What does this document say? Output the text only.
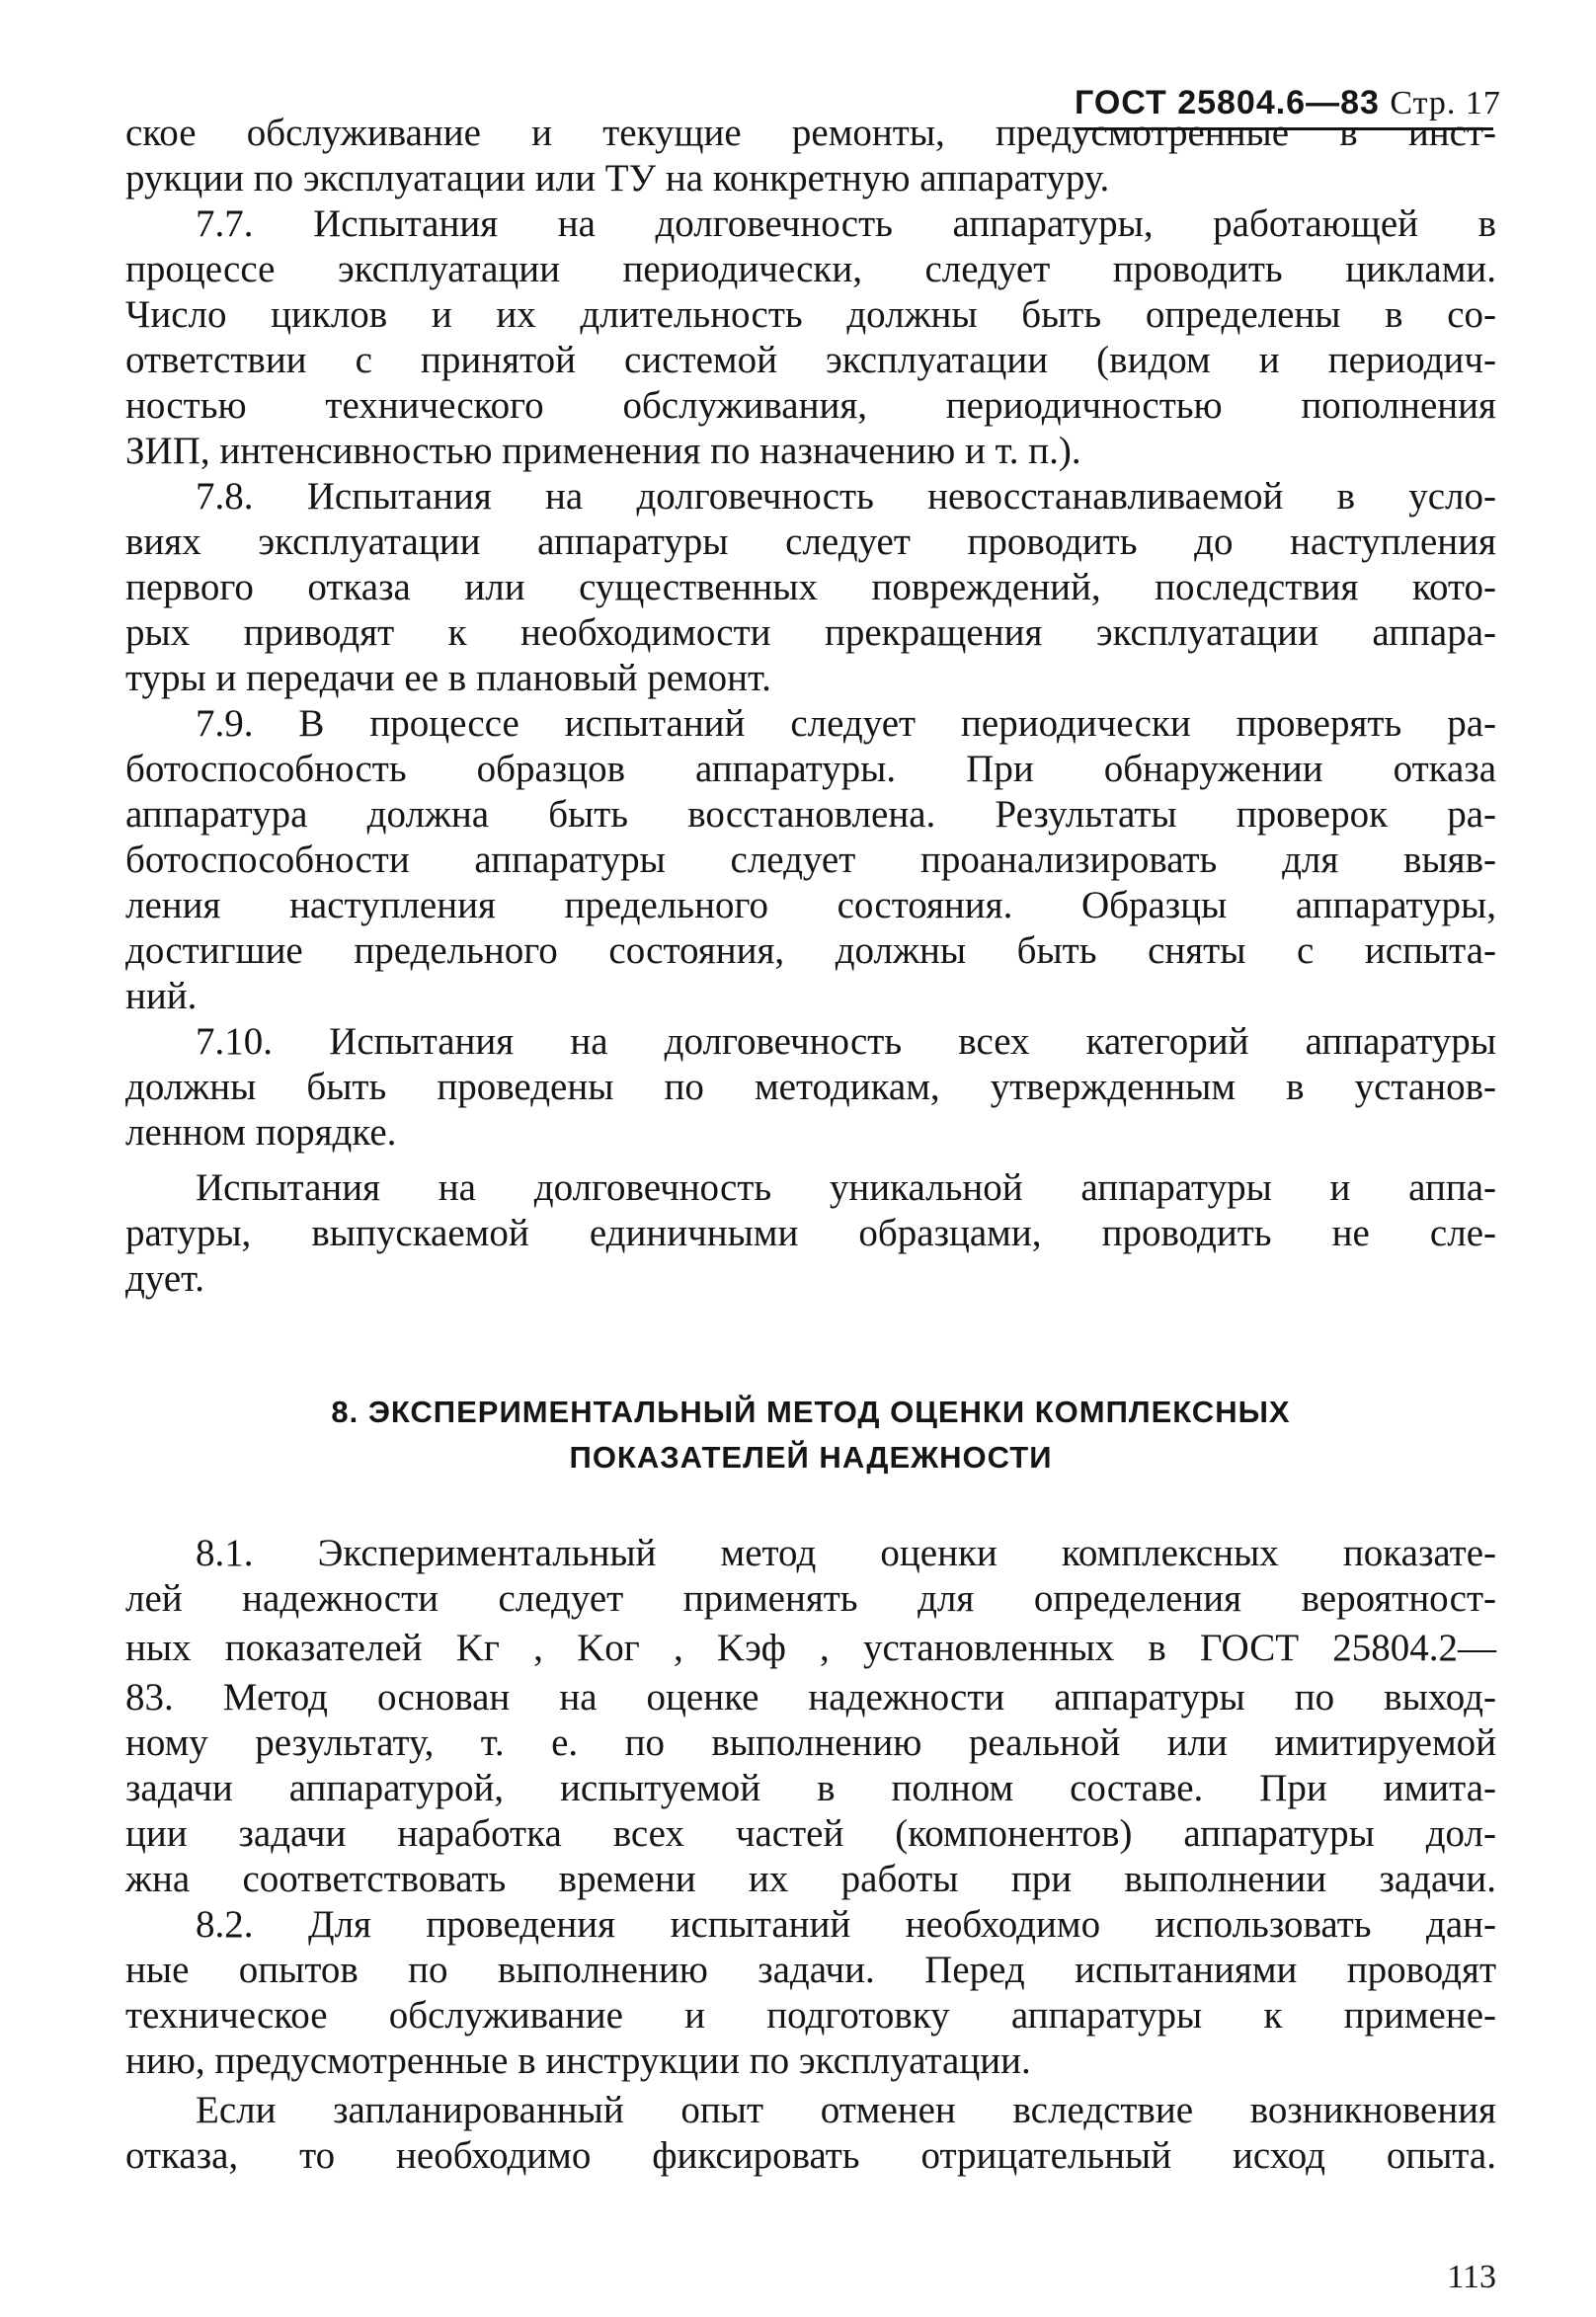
ГОСТ 25804.6—83 Стр. 17
ское обслуживание и текущие ремонты, предусмотренные в инст-
рукции по эксплуатации или ТУ на конкретную аппаратуру.
7.7. Испытания на долговечность аппаратуры, работающей в
процессе эксплуатации периодически, следует проводить циклами.
Число циклов и их длительность должны быть определены в со-
ответствии с принятой системой эксплуатации (видом и периодич-
ностью технического обслуживания, периодичностью пополнения
ЗИП, интенсивностью применения по назначению и т. п.).
7.8. Испытания на долговечность невосстанавливаемой в усло-
виях эксплуатации аппаратуры следует проводить до наступления
первого отказа или существенных повреждений, последствия кото-
рых приводят к необходимости прекращения эксплуатации аппара-
туры и передачи ее в плановый ремонт.
7.9. В процессе испытаний следует периодически проверять ра-
ботоспособность образцов аппаратуры. При обнаружении отказа
аппаратура должна быть восстановлена. Результаты проверок ра-
ботоспособности аппаратуры следует проанализировать для выяв-
ления наступления предельного состояния. Образцы аппаратуры,
достигшие предельного состояния, должны быть сняты с испыта-
ний.
7.10. Испытания на долговечность всех категорий аппаратуры
должны быть проведены по методикам, утвержденным в установ-
ленном порядке.
Испытания на долговечность уникальной аппаратуры и аппа-
ратуры, выпускаемой единичными образцами, проводить не сле-
дует.
8. ЭКСПЕРИМЕНТАЛЬНЫЙ МЕТОД ОЦЕНКИ КОМПЛЕКСНЫХ
ПОКАЗАТЕЛЕЙ НАДЕЖНОСТИ
8.1. Экспериментальный метод оценки комплексных показате-
лей надежности следует применять для определения вероятност-
ных показателей Kг , Kог , Kэф , установленных в ГОСТ 25804.2—
83. Метод основан на оценке надежности аппаратуры по выход-
ному результату, т. е. по выполнению реальной или имитируемой
задачи аппаратурой, испытуемой в полном составе. При имита-
ции задачи наработка всех частей (компонентов) аппаратуры дол-
жна соответствовать времени их работы при выполнении задачи.
8.2. Для проведения испытаний необходимо использовать дан-
ные опытов по выполнению задачи. Перед испытаниями проводят
техническое обслуживание и подготовку аппаратуры к примене-
нию, предусмотренные в инструкции по эксплуатации.
Если запланированный опыт отменен вследствие возникновения
отказа, то необходимо фиксировать отрицательный исход опыта.
113
